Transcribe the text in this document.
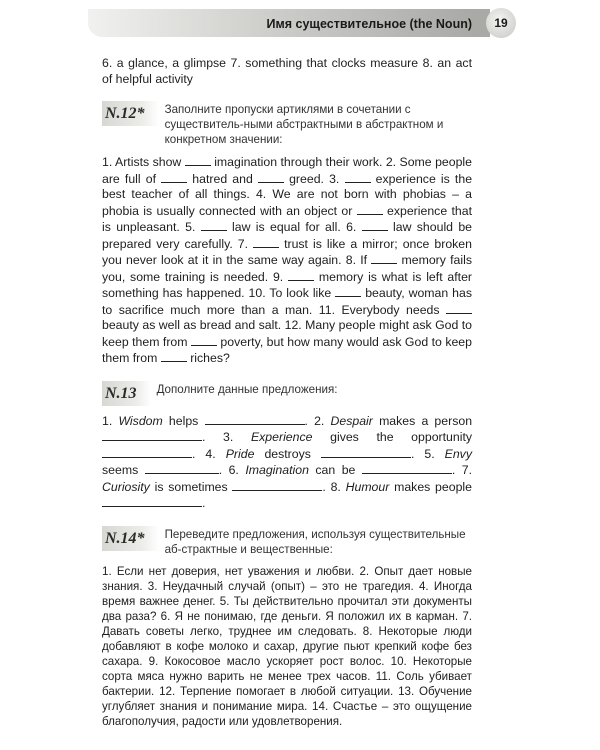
Имя существительное (the Noun)	19

6. a glance, a glimpse 7. something that clocks measure 8. an act of helpful activity

N.12*	Заполните пропуски артиклями в сочетании с существитель-ными абстрактными в абстрактном и конкретном значении:

1. Artists show	imagination through their work. 2. Some people are full of	hatred and	greed. 3.	experience is the best teacher of all things. 4. We are not born with phobias – a phobia is usually connected with an object or	experience that is unpleasant. 5.	law is equal for all. 6.	law should be prepared very carefully. 7.	trust is like a mirror; once broken you never look at it in the same way again. 8. If	memory fails you, some training is needed. 9.	memory is what is left after something has happened. 10. To look like	beauty, woman has to sacrifice much more than a man. 11. Everybody needs  beauty as well as bread and salt. 12. Many people might ask God to keep them from	poverty, but how many would ask God to keep them from	riches?

N.13	Дополните данные предложения:

1. Wisdom helps	. 2. Despair makes a person . 3. Experience gives the opportunity . 4. Pride destroys	. 5. Envy seems	. 6. Imagination can be	. 7. Curiosity is sometimes	. 8. Humour makes people .

N.14*	Переведите предложения, используя существительные аб-страктные и вещественные:

1. Если нет доверия, нет уважения и любви. 2. Опыт дает новые знания. 3. Неудачный случай (опыт) – это не трагедия. 4. Иногда время важнее денег. 5. Ты действительно прочитал эти документы два раза? 6. Я не понимаю, где деньги. Я положил их в карман. 7. Давать советы легко, труднее им следовать. 8. Некоторые люди добавляют в кофе молоко и сахар, другие пьют крепкий кофе без сахара. 9. Кокосовое масло ускоряет рост волос. 10. Некоторые сорта мяса нужно варить не менее трех часов. 11. Соль убивает бактерии. 12. Терпение помогает в любой ситуации. 13. Обучение углубляет знания и понимание мира. 14. Счастье – это ощущение благополучия, радости или удовлетворения.
